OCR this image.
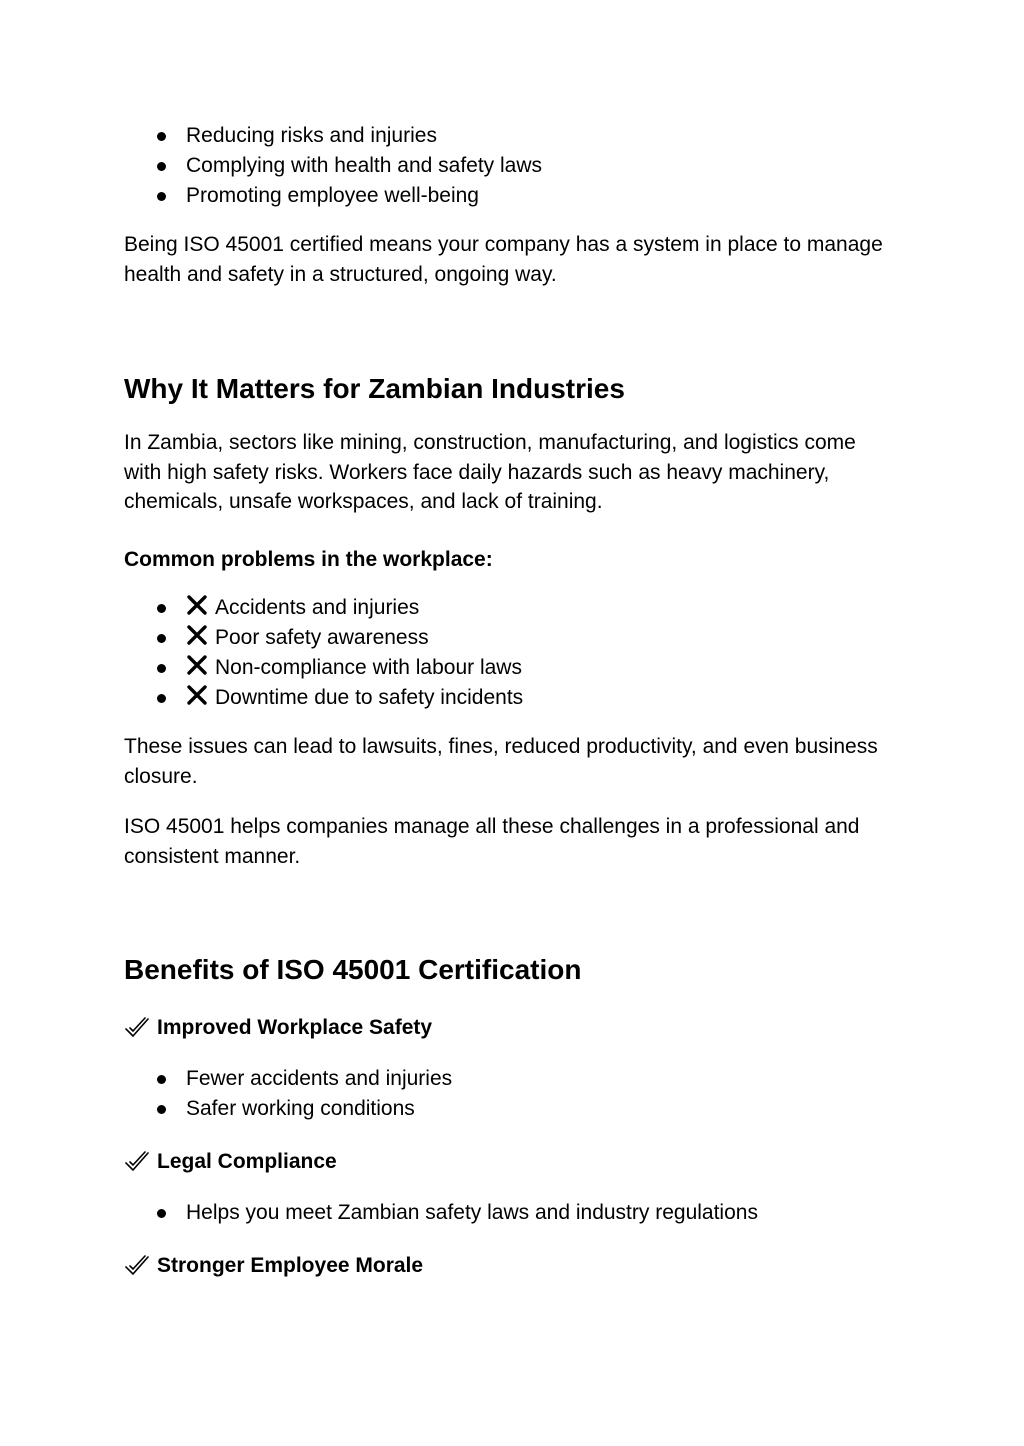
Reducing risks and injuries
Complying with health and safety laws
Promoting employee well-being

Being ISO 45001 certified means your company has a system in place to manage health and safety in a structured, ongoing way.

Why It Matters for Zambian Industries

In Zambia, sectors like mining, construction, manufacturing, and logistics come with high safety risks. Workers face daily hazards such as heavy machinery, chemicals, unsafe workspaces, and lack of training.

Common problems in the workplace:

Accidents and injuries
Poor safety awareness
Non-compliance with labour laws
Downtime due to safety incidents

These issues can lead to lawsuits, fines, reduced productivity, and even business closure.

ISO 45001 helps companies manage all these challenges in a professional and consistent manner.

Benefits of ISO 45001 Certification
Improved Workplace Safety
Fewer accidents and injuries
Safer working conditions
Legal Compliance
Helps you meet Zambian safety laws and industry regulations
Stronger Employee Morale
